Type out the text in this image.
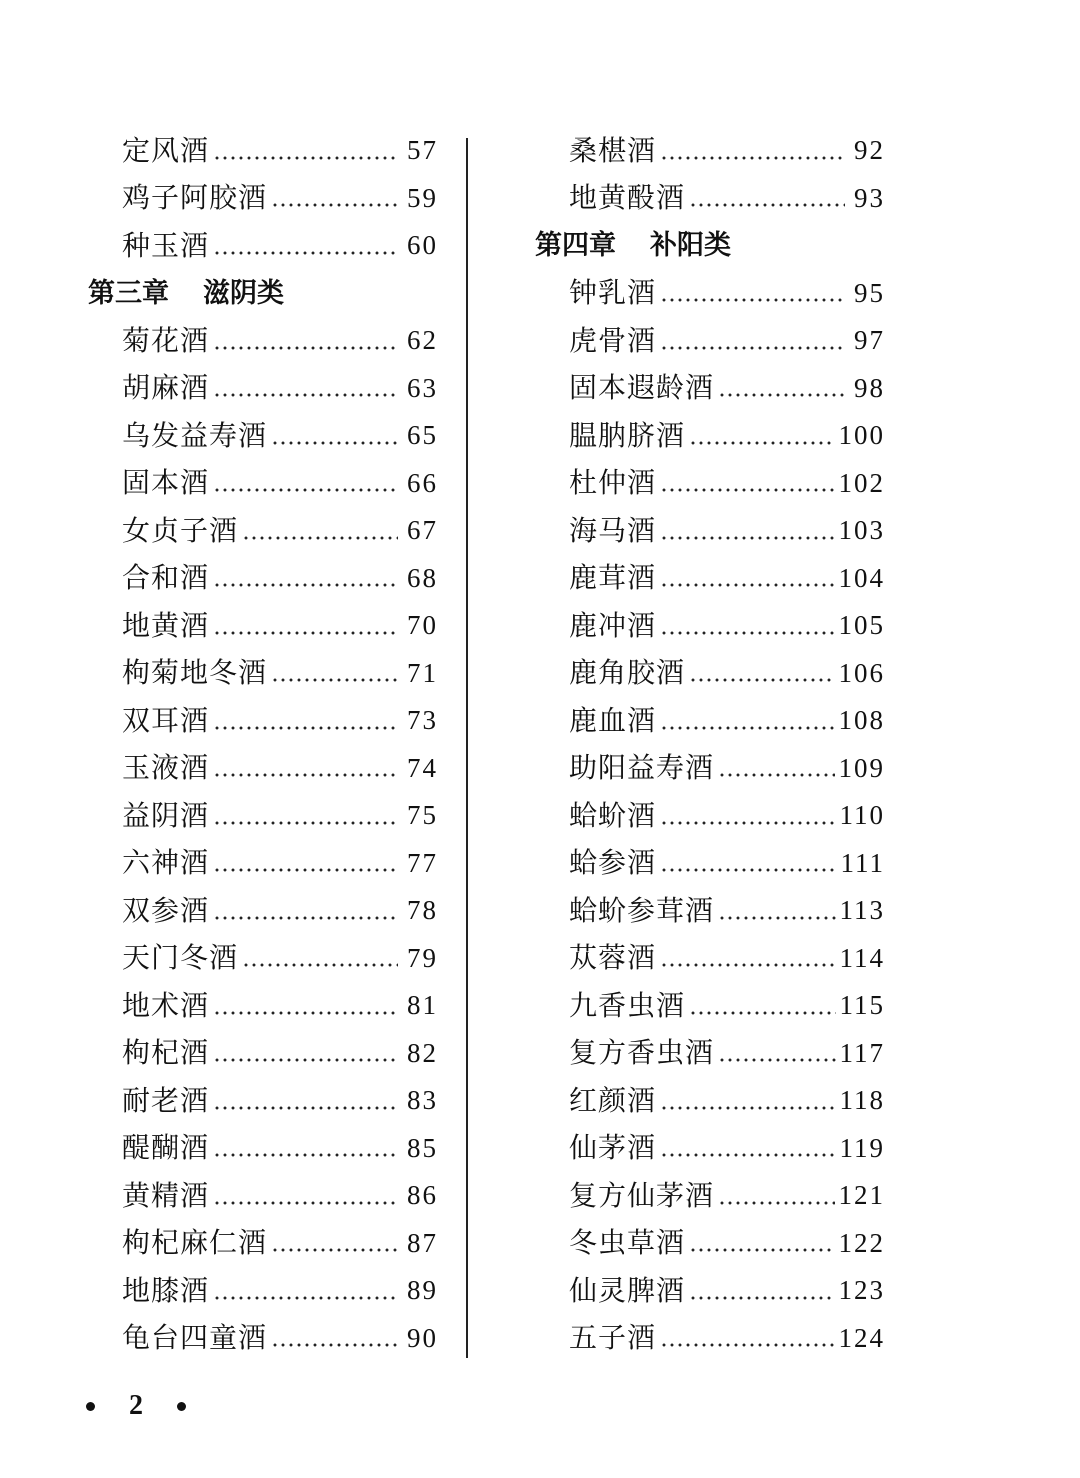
定风酒	57
鸡子阿胶酒	59
种玉酒	60
第三章 滋阴类
菊花酒	62
胡麻酒	63
乌发益寿酒	65
固本酒	66
女贞子酒	67
合和酒	68
地黄酒	70
枸菊地冬酒	71
双耳酒	73
玉液酒	74
益阴酒	75
六神酒	77
双参酒	78
天门冬酒	79
地术酒	81
枸杞酒	82
耐老酒	83
醍醐酒	85
黄精酒	86
枸杞麻仁酒	87
地膝酒	89
龟台四童酒	90
桑椹酒	92
地黄酘酒	93
第四章 补阳类
钟乳酒	95
虎骨酒	97
固本遐龄酒	98
腽肭脐酒	100
杜仲酒	102
海马酒	103
鹿茸酒	104
鹿冲酒	105
鹿角胶酒	106
鹿血酒	108
助阳益寿酒	109
蛤蚧酒	110
蛤参酒	111
蛤蚧参茸酒	113
苁蓉酒	114
九香虫酒	115
复方香虫酒	117
红颜酒	118
仙茅酒	119
复方仙茅酒	121
冬虫草酒	122
仙灵脾酒	123
五子酒	124
2
